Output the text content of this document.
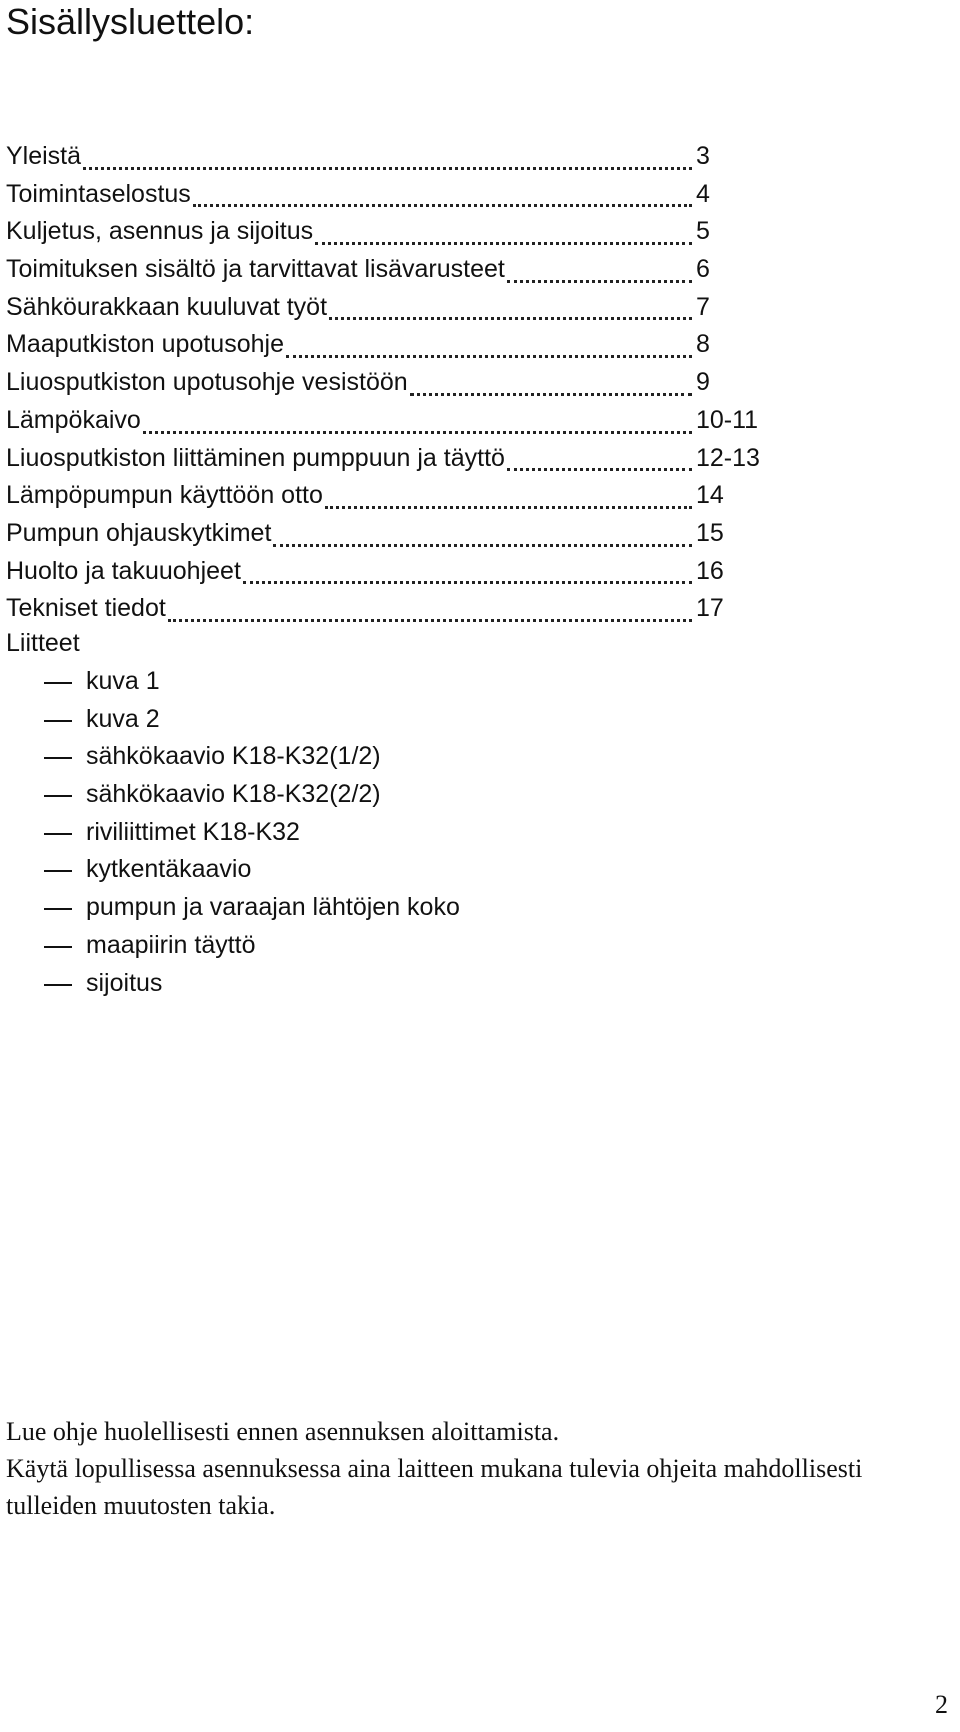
Sisällysluettelo:
Yleistä	3
Toimintaselostus	4
Kuljetus, asennus ja sijoitus	5
Toimituksen sisältö ja tarvittavat lisävarusteet	6
Sähköurakkaan kuuluvat työt	7
Maaputkiston upotusohje	8
Liuosputkiston upotusohje vesistöön	9
Lämpökaivo	10-11
Liuosputkiston liittäminen pumppuun ja täyttö	12-13
Lämpöpumpun käyttöön otto	14
Pumpun ohjauskytkimet	15
Huolto ja takuuohjeet	16
Tekniset tiedot	17
Liitteet
kuva 1
kuva 2
sähkökaavio K18-K32(1/2)
sähkökaavio K18-K32(2/2)
riviliittimet K18-K32
kytkentäkaavio
pumpun ja varaajan lähtöjen koko
maapiirin täyttö
sijoitus

Lue ohje huolellisesti ennen asennuksen aloittamista.

Käytä lopullisessa asennuksessa aina laitteen mukana tulevia ohjeita mahdollisesti tulleiden muutosten takia.

2
